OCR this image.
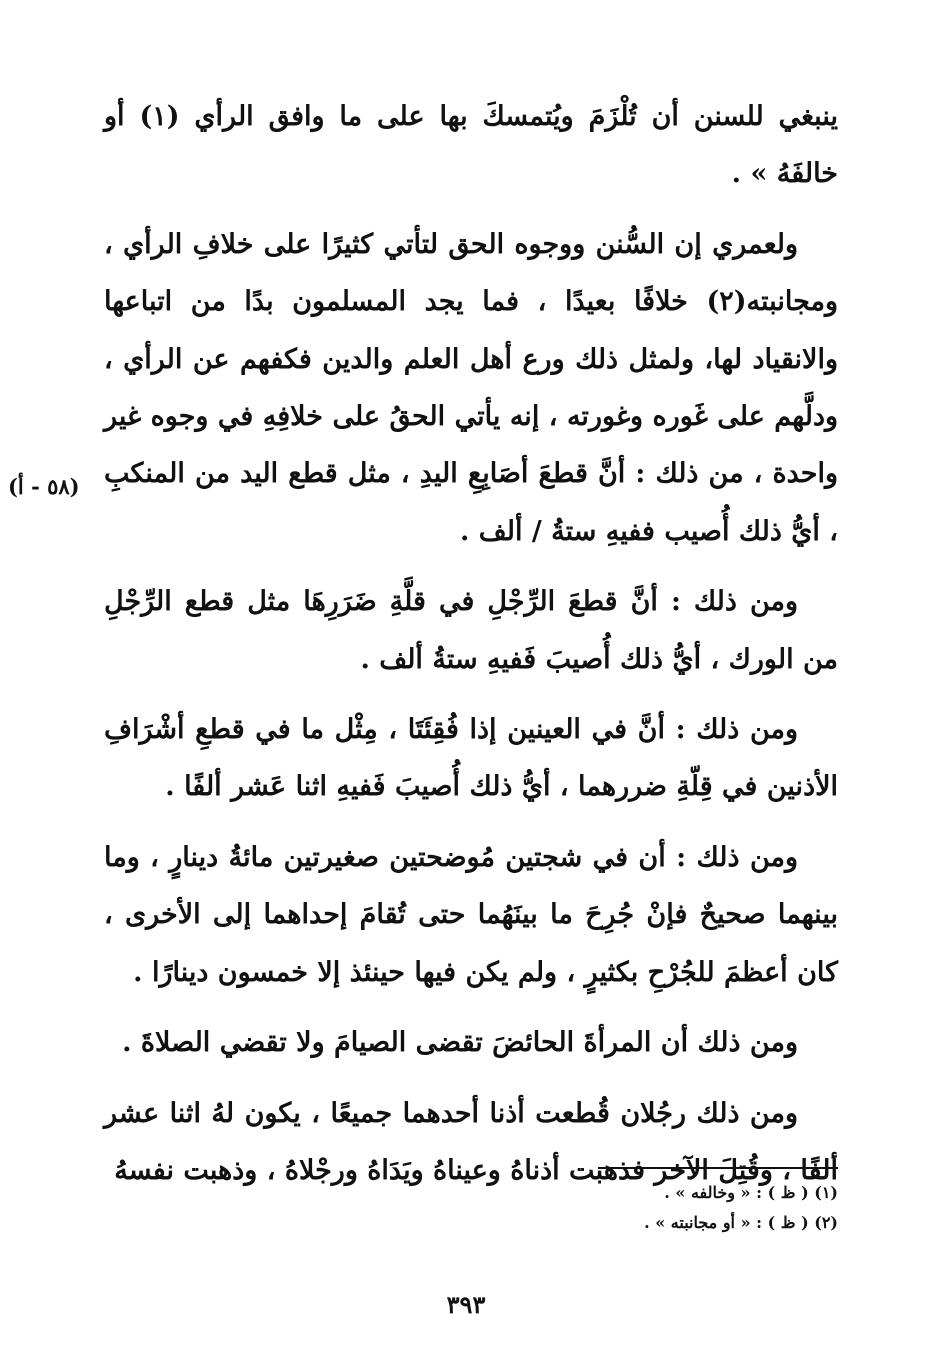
ينبغي للسنن أن تُلْزَمَ ويُتمسكَ بها على ما وافق الرأي (١) أو خالفَهُ » .

ولعمري إن السُّنن ووجوه الحق لتأتي كثيرًا على خلافِ الرأي ، ومجانبته(٢) خلافًا بعيدًا ، فما يجد المسلمون بدًا من اتباعها والانقياد لها، ولمثل ذلك ورع أهل العلم والدين فكفهم عن الرأي ، ودلَّهم على غَوره وغورته ، إنه يأتي الحقُ على خلافِهِ في وجوه غير واحدة ، من ذلك : أنَّ قطعَ أصَابِعِ اليدِ ، مثل قطع اليد من المنكبِ ، أيُّ ذلك أُصيب ففيهِ ستةُ / ألف .

ومن ذلك : أنَّ قطعَ الرِّجْلِ في قلَّةِ ضَرَرِهَا مثل قطع الرِّجْلِ من الورك ، أيُّ ذلك أُصيبَ فَفيهِ ستةُ ألف .

ومن ذلك : أنَّ في العينين إذا فُقِئَتَا ، مِثْل ما في قطعِ أشْرَافِ الأذنين في قِلّةِ ضررهما ، أيُّ ذلك أُصيبَ فَفيهِ اثنا عَشر ألفًا .

ومن ذلك : أن في شجتين مُوضحتين صغيرتين مائةُ دينارٍ ، وما بينهما صحيحٌ فإنْ جُرِحَ ما بينَهُما حتى تُقامَ إحداهما إلى الأخرى ، كان أعظمَ للجُرْحِ بكثيرٍ ، ولم يكن فيها حينئذ إلا خمسون دينارًا .

ومن ذلك أن المرأةَ الحائضَ تقضى الصيامَ ولا تقضي الصلاةَ .

ومن ذلك رجُلان قُطعت أذنا أحدهما جميعًا ، يكون لهُ اثنا عشر ألفًا ، وقُتِلَ الآخر فذهبت أذناهُ وعيناهُ ويَدَاهُ ورجْلاهُ ، وذهبت نفسهُ

(٥٨ - أ)
(١) ( ظ ) : « وخالفه » .
(٢) ( ظ ) : « أو مجانبته » .
٣٩٣
